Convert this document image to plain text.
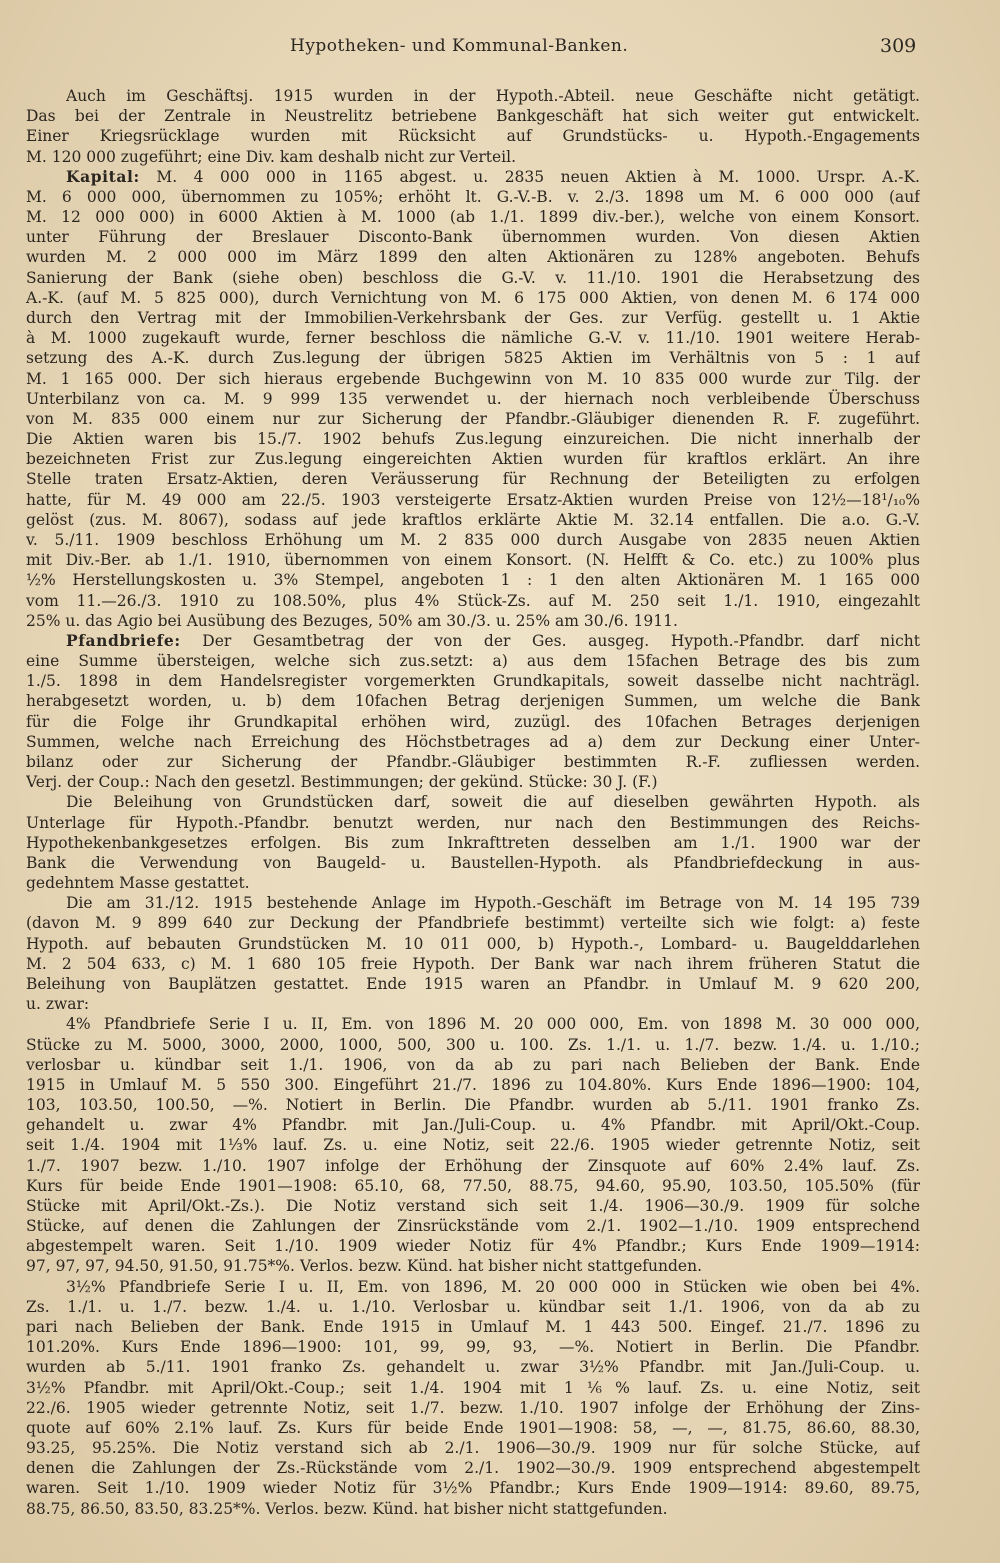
Hypotheken- und Kommunal-Banken.	309
Auch im Geschäftsj. 1915 wurden in der Hypoth.-Abteil. neue Geschäfte nicht getätigt.
Das bei der Zentrale in Neustrelitz betriebene Bankgeschäft hat sich weiter gut entwickelt.
Einer Kriegsrücklage wurden mit Rücksicht auf Grundstücks- u. Hypoth.-Engagements
M. 120 000 zugeführt; eine Div. kam deshalb nicht zur Verteil.
Kapital: M. 4 000 000 in 1165 abgest. u. 2835 neuen Aktien à M. 1000. Urspr. A.-K.
M. 6 000 000, übernommen zu 105%; erhöht lt. G.-V.-B. v. 2./3. 1898 um M. 6 000 000 (auf
M. 12 000 000) in 6000 Aktien à M. 1000 (ab 1./1. 1899 div.-ber.), welche von einem Konsort.
unter Führung der Breslauer Disconto-Bank übernommen wurden. Von diesen Aktien
wurden M. 2 000 000 im März 1899 den alten Aktionären zu 128% angeboten. Behufs
Sanierung der Bank (siehe oben) beschloss die G.-V. v. 11./10. 1901 die Herabsetzung des
A.-K. (auf M. 5 825 000), durch Vernichtung von M. 6 175 000 Aktien, von denen M. 6 174 000
durch den Vertrag mit der Immobilien-Verkehrsbank der Ges. zur Verfüg. gestellt u. 1 Aktie
à M. 1000 zugekauft wurde, ferner beschloss die nämliche G.-V. v. 11./10. 1901 weitere Herab-
setzung des A.-K. durch Zus.legung der übrigen 5825 Aktien im Verhältnis von 5 : 1 auf
M. 1 165 000. Der sich hieraus ergebende Buchgewinn von M. 10 835 000 wurde zur Tilg. der
Unterbilanz von ca. M. 9 999 135 verwendet u. der hiernach noch verbleibende Überschuss
von M. 835 000 einem nur zur Sicherung der Pfandbr.-Gläubiger dienenden R. F. zugeführt.
Die Aktien waren bis 15./7. 1902 behufs Zus.legung einzureichen. Die nicht innerhalb der
bezeichneten Frist zur Zus.legung eingereichten Aktien wurden für kraftlos erklärt. An ihre
Stelle traten Ersatz-Aktien, deren Veräusserung für Rechnung der Beteiligten zu erfolgen
hatte, für M. 49 000 am 22./5. 1903 versteigerte Ersatz-Aktien wurden Preise von 12½—18¹/₁₀%
gelöst (zus. M. 8067), sodass auf jede kraftlos erklärte Aktie M. 32.14 entfallen. Die a.o. G.-V.
v. 5./11. 1909 beschloss Erhöhung um M. 2 835 000 durch Ausgabe von 2835 neuen Aktien
mit Div.-Ber. ab 1./1. 1910, übernommen von einem Konsort. (N. Helfft & Co. etc.) zu 100% plus
½% Herstellungskosten u. 3% Stempel, angeboten 1 : 1 den alten Aktionären M. 1 165 000
vom 11.—26./3. 1910 zu 108.50%, plus 4% Stück-Zs. auf M. 250 seit 1./1. 1910, eingezahlt
25% u. das Agio bei Ausübung des Bezuges, 50% am 30./3. u. 25% am 30./6. 1911.
Pfandbriefe: Der Gesamtbetrag der von der Ges. ausgeg. Hypoth.-Pfandbr. darf nicht
eine Summe übersteigen, welche sich zus.setzt: a) aus dem 15fachen Betrage des bis zum
1./5. 1898 in dem Handelsregister vorgemerkten Grundkapitals, soweit dasselbe nicht nachträgl.
herabgesetzt worden, u. b) dem 10fachen Betrag derjenigen Summen, um welche die Bank
für die Folge ihr Grundkapital erhöhen wird, zuzügl. des 10fachen Betrages derjenigen
Summen, welche nach Erreichung des Höchstbetrages ad a) dem zur Deckung einer Unter-
bilanz oder zur Sicherung der Pfandbr.-Gläubiger bestimmten R.-F. zufliessen werden.
Verj. der Coup.: Nach den gesetzl. Bestimmungen; der gekünd. Stücke: 30 J. (F.)
Die Beleihung von Grundstücken darf, soweit die auf dieselben gewährten Hypoth. als
Unterlage für Hypoth.-Pfandbr. benutzt werden, nur nach den Bestimmungen des Reichs-
Hypothekenbankgesetzes erfolgen. Bis zum Inkrafttreten desselben am 1./1. 1900 war der
Bank die Verwendung von Baugeld- u. Baustellen-Hypoth. als Pfandbriefdeckung in aus-
gedehntem Masse gestattet.
Die am 31./12. 1915 bestehende Anlage im Hypoth.-Geschäft im Betrage von M. 14 195 739
(davon M. 9 899 640 zur Deckung der Pfandbriefe bestimmt) verteilte sich wie folgt: a) feste
Hypoth. auf bebauten Grundstücken M. 10 011 000, b) Hypoth.-, Lombard- u. Baugelddarlehen
M. 2 504 633, c) M. 1 680 105 freie Hypoth. Der Bank war nach ihrem früheren Statut die
Beleihung von Bauplätzen gestattet. Ende 1915 waren an Pfandbr. in Umlauf M. 9 620 200,
u. zwar:
4% Pfandbriefe Serie I u. II, Em. von 1896 M. 20 000 000, Em. von 1898 M. 30 000 000,
Stücke zu M. 5000, 3000, 2000, 1000, 500, 300 u. 100. Zs. 1./1. u. 1./7. bezw. 1./4. u. 1./10.;
verlosbar u. kündbar seit 1./1. 1906, von da ab zu pari nach Belieben der Bank. Ende
1915 in Umlauf M. 5 550 300. Eingeführt 21./7. 1896 zu 104.80%. Kurs Ende 1896—1900: 104,
103, 103.50, 100.50, —%. Notiert in Berlin. Die Pfandbr. wurden ab 5./11. 1901 franko Zs.
gehandelt u. zwar 4% Pfandbr. mit Jan./Juli-Coup. u. 4% Pfandbr. mit April/Okt.-Coup.
seit 1./4. 1904 mit 1⅓% lauf. Zs. u. eine Notiz, seit 22./6. 1905 wieder getrennte Notiz, seit
1./7. 1907 bezw. 1./10. 1907 infolge der Erhöhung der Zinsquote auf 60% 2.4% lauf. Zs.
Kurs für beide Ende 1901—1908: 65.10, 68, 77.50, 88.75, 94.60, 95.90, 103.50, 105.50% (für
Stücke mit April/Okt.-Zs.). Die Notiz verstand sich seit 1./4. 1906—30./9. 1909 für solche
Stücke, auf denen die Zahlungen der Zinsrückstände vom 2./1. 1902—1./10. 1909 entsprechend
abgestempelt waren. Seit 1./10. 1909 wieder Notiz für 4% Pfandbr.; Kurs Ende 1909—1914:
97, 97, 97, 94.50, 91.50, 91.75*%. Verlos. bezw. Künd. hat bisher nicht stattgefunden.
3½% Pfandbriefe Serie I u. II, Em. von 1896, M. 20 000 000 in Stücken wie oben bei 4%.
Zs. 1./1. u. 1./7. bezw. 1./4. u. 1./10. Verlosbar u. kündbar seit 1./1. 1906, von da ab zu
pari nach Belieben der Bank. Ende 1915 in Umlauf M. 1 443 500. Eingef. 21./7. 1896 zu
101.20%. Kurs Ende 1896—1900: 101, 99, 99, 93, —%. Notiert in Berlin. Die Pfandbr.
wurden ab 5./11. 1901 franko Zs. gehandelt u. zwar 3½% Pfandbr. mit Jan./Juli-Coup. u.
3½% Pfandbr. mit April/Okt.-Coup.; seit 1./4. 1904 mit 1⅙% lauf. Zs. u. eine Notiz, seit
22./6. 1905 wieder getrennte Notiz, seit 1./7. bezw. 1./10. 1907 infolge der Erhöhung der Zins-
quote auf 60% 2.1% lauf. Zs. Kurs für beide Ende 1901—1908: 58, —, —, 81.75, 86.60, 88.30,
93.25, 95.25%. Die Notiz verstand sich ab 2./1. 1906—30./9. 1909 nur für solche Stücke, auf
denen die Zahlungen der Zs.-Rückstände vom 2./1. 1902—30./9. 1909 entsprechend abgestempelt
waren. Seit 1./10. 1909 wieder Notiz für 3½% Pfandbr.; Kurs Ende 1909—1914: 89.60, 89.75,
88.75, 86.50, 83.50, 83.25*%. Verlos. bezw. Künd. hat bisher nicht stattgefunden.
